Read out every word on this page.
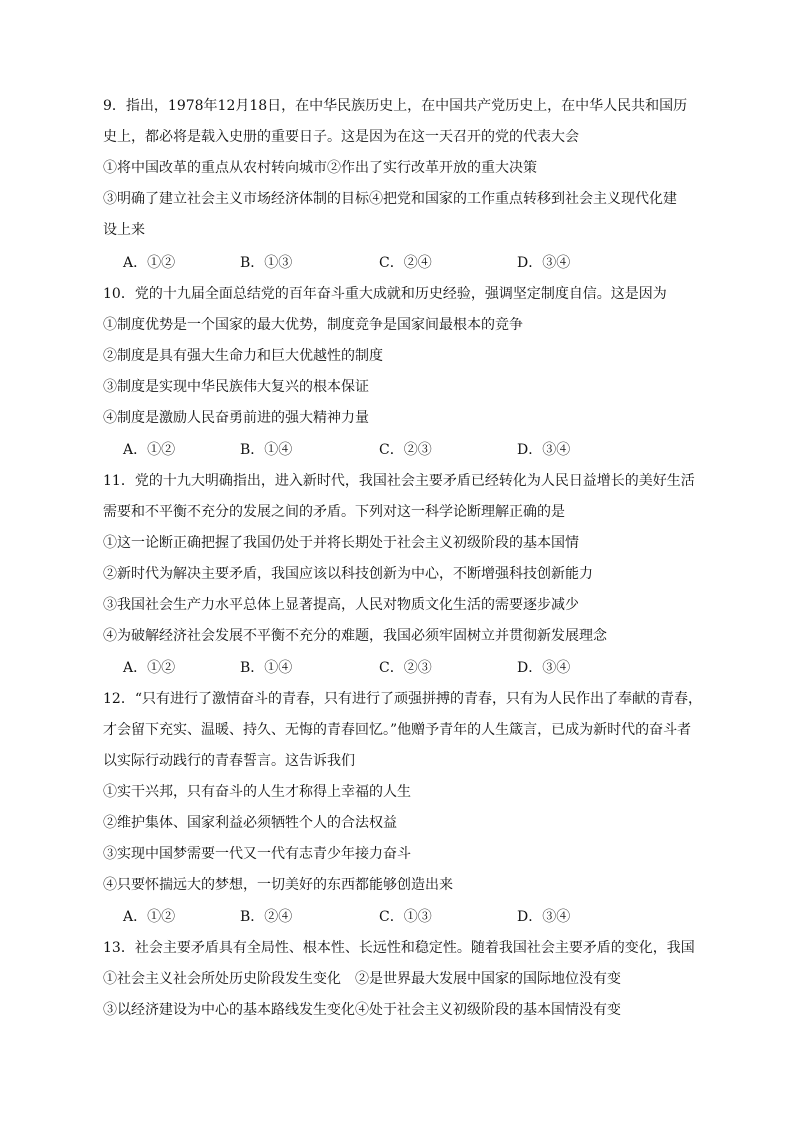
9．指出，1978年12月18日，在中华民族历史上，在中国共产党历史上，在中华人民共和国历
史上，都必将是载入史册的重要日子。这是因为在这一天召开的党的代表大会
①将中国改革的重点从农村转向城市②作出了实行改革开放的重大决策
③明确了建立社会主义市场经济体制的目标④把党和国家的工作重点转移到社会主义现代化建
设上来
A．①②	B．①③	C．②④	D．③④
10．党的十九届全面总结党的百年奋斗重大成就和历史经验，强调坚定制度自信。这是因为
①制度优势是一个国家的最大优势，制度竞争是国家间最根本的竞争
②制度是具有强大生命力和巨大优越性的制度
③制度是实现中华民族伟大复兴的根本保证
④制度是激励人民奋勇前进的强大精神力量
A．①②	B．①④	C．②③	D．③④
11．党的十九大明确指出，进入新时代，我国社会主要矛盾已经转化为人民日益增长的美好生活
需要和不平衡不充分的发展之间的矛盾。下列对这一科学论断理解正确的是
①这一论断正确把握了我国仍处于并将长期处于社会主义初级阶段的基本国情
②新时代为解决主要矛盾，我国应该以科技创新为中心，不断增强科技创新能力
③我国社会生产力水平总体上显著提高，人民对物质文化生活的需要逐步减少
④为破解经济社会发展不平衡不充分的难题，我国必须牢固树立并贯彻新发展理念
A．①②	B．①④	C．②③	D．③④
12．“只有进行了激情奋斗的青春，只有进行了顽强拼搏的青春，只有为人民作出了奉献的青春，
才会留下充实、温暖、持久、无悔的青春回忆。”他赠予青年的人生箴言，已成为新时代的奋斗者
以实际行动践行的青春誓言。这告诉我们
①实干兴邦，只有奋斗的人生才称得上幸福的人生
②维护集体、国家利益必须牺牲个人的合法权益
③实现中国梦需要一代又一代有志青少年接力奋斗
④只要怀揣远大的梦想，一切美好的东西都能够创造出来
A．①②	B．②④	C．①③	D．③④
13．社会主要矛盾具有全局性、根本性、长远性和稳定性。随着我国社会主要矛盾的变化，我国
①社会主义社会所处历史阶段发生变化　②是世界最大发展中国家的国际地位没有变
③以经济建设为中心的基本路线发生变化④处于社会主义初级阶段的基本国情没有变
